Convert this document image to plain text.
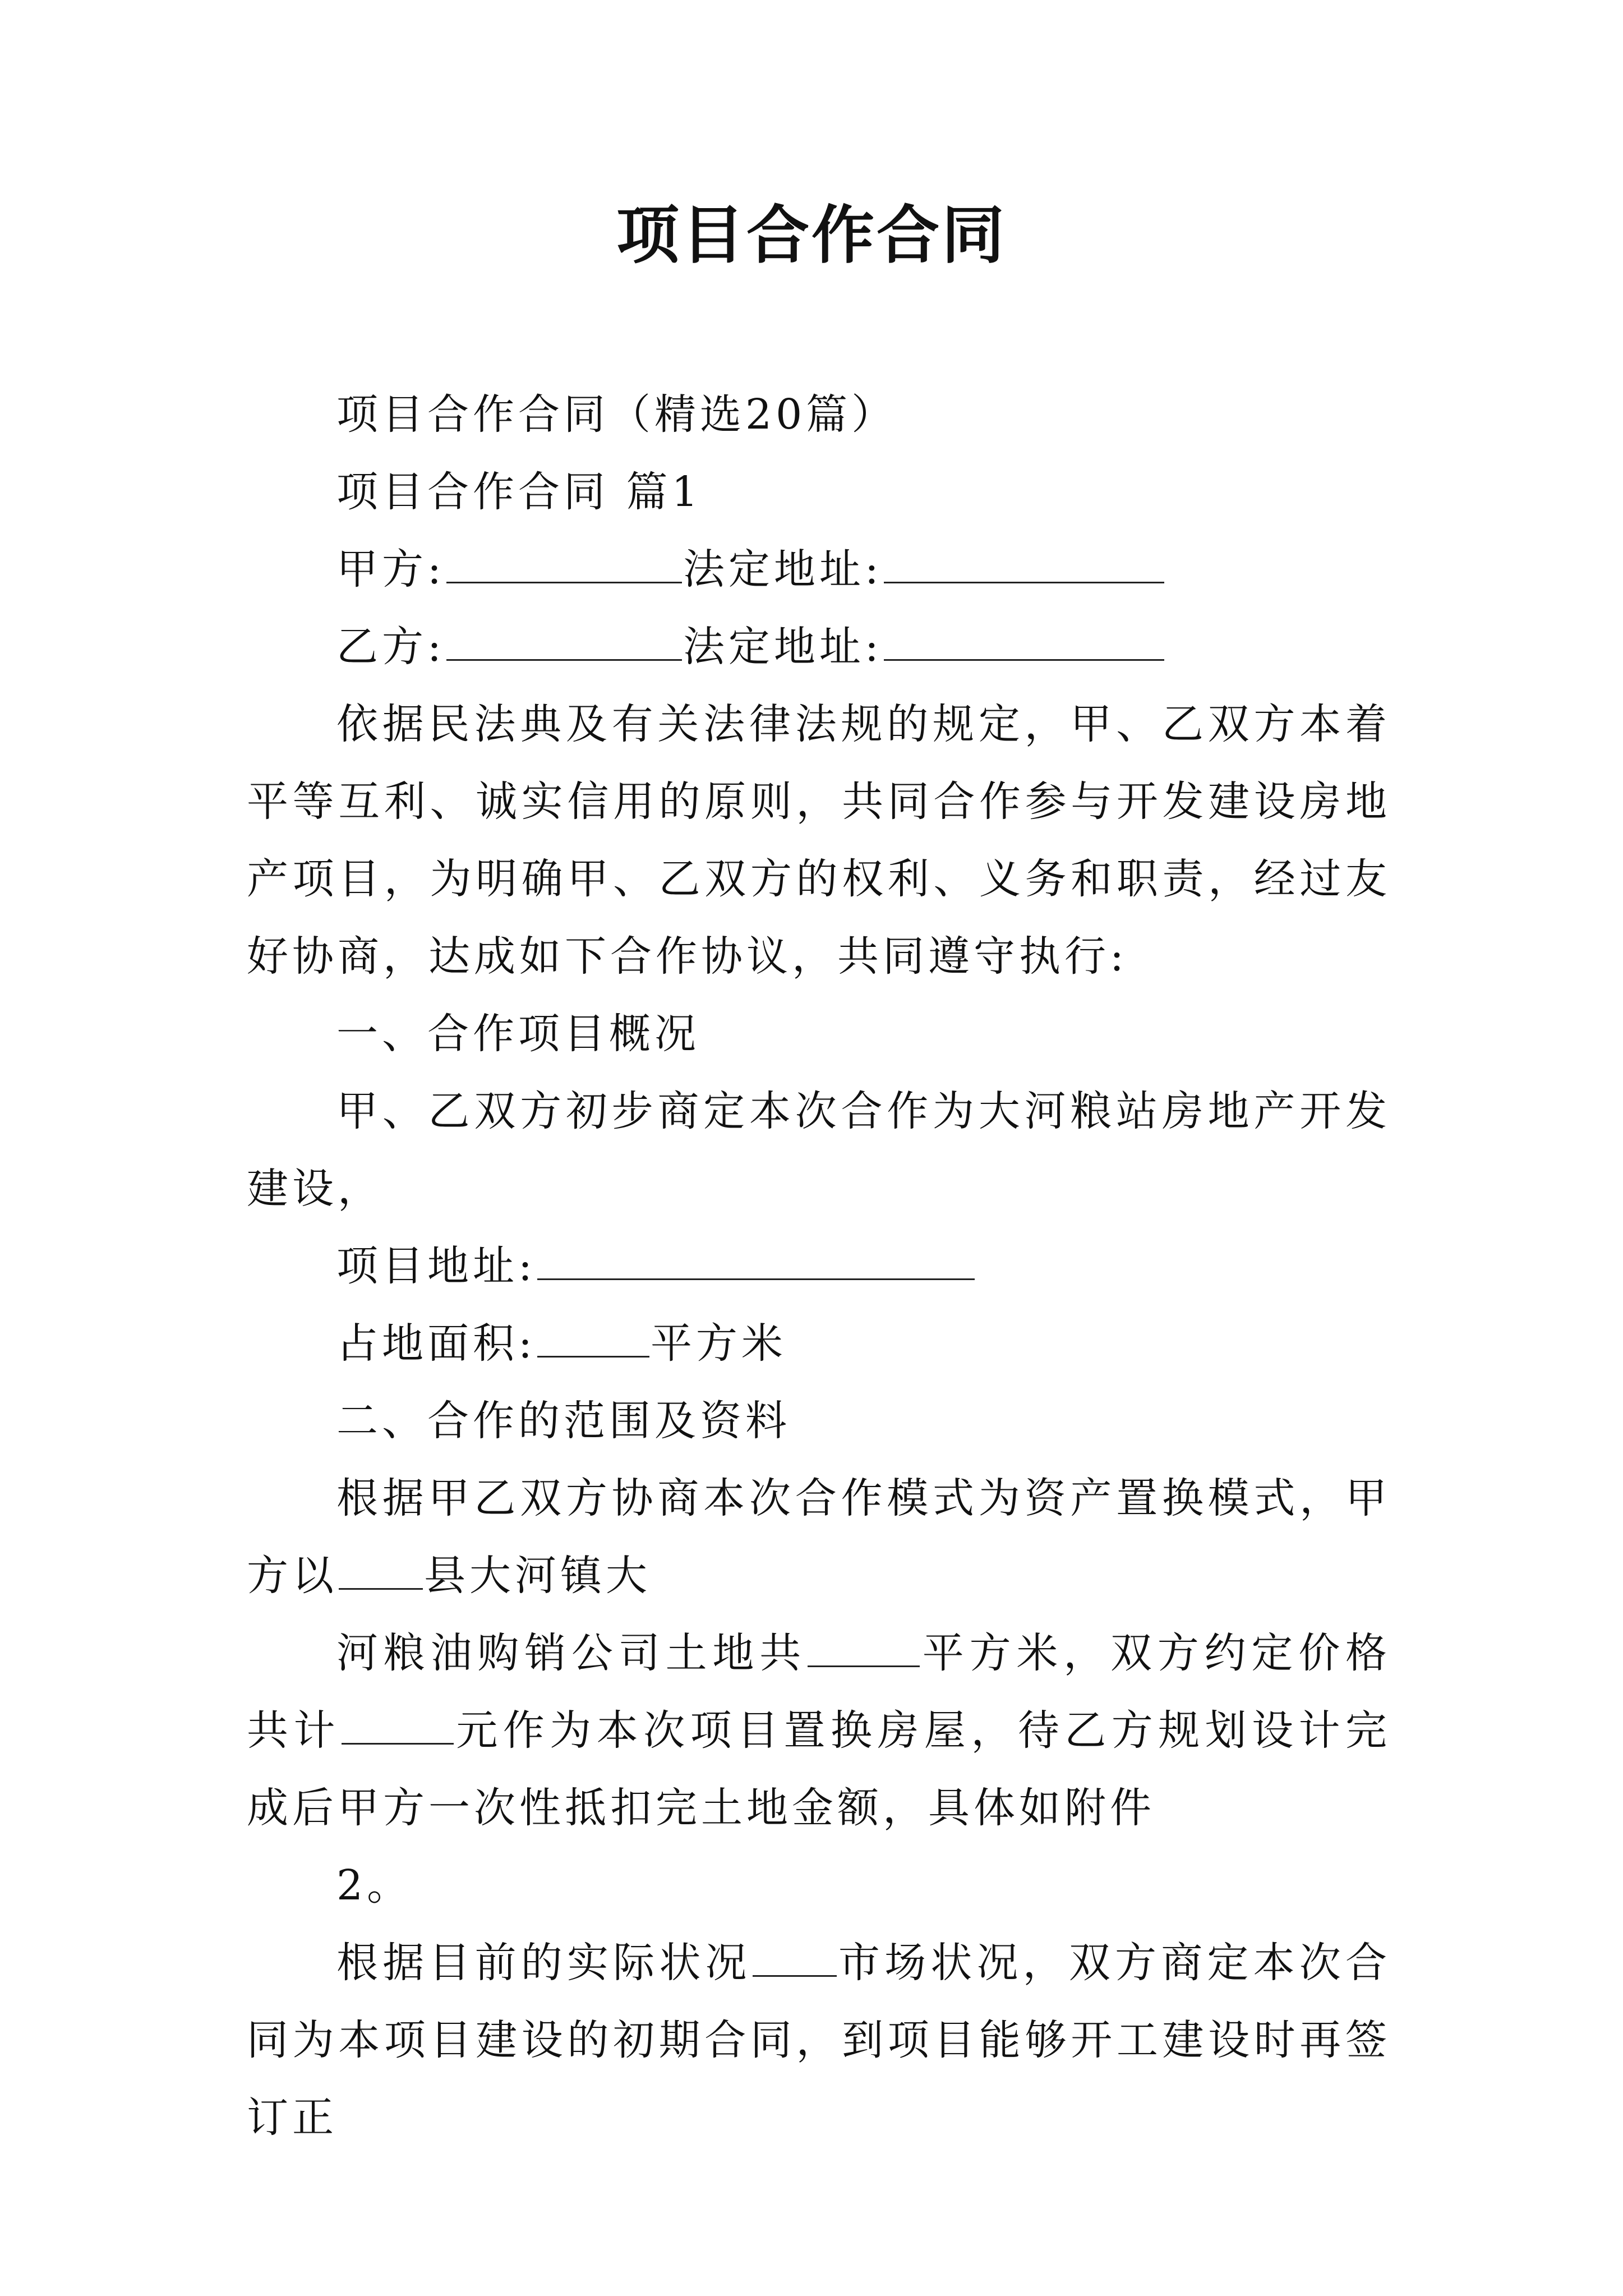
项目合作合同

项目合作合同（精选20篇）

项目合作合同 篇1

甲方:	法定地址:

乙方:	法定地址:

依据民法典及有关法律法规的规定，甲、乙双方本着平等互利、诚实信用的原则，共同合作参与开发建设房地产项目，为明确甲、乙双方的权利、义务和职责，经过友好协商，达成如下合作协议，共同遵守执行:

一、合作项目概况

甲、乙双方初步商定本次合作为大河粮站房地产开发建设，

项目地址:

占地面积:	平方米

二、合作的范围及资料

根据甲乙双方协商本次合作模式为资产置换模式，甲方以 县大河镇大

河粮油购销公司土地共	平方米，双方约定价格共计	元作为本次项目置换房屋，待乙方规划设计完成后甲方一次性抵扣完土地金额，具体如附件

2。

根据目前的实际状况 市场状况，双方商定本次合同为本项目建设的初期合同，到项目能够开工建设时再签订正
